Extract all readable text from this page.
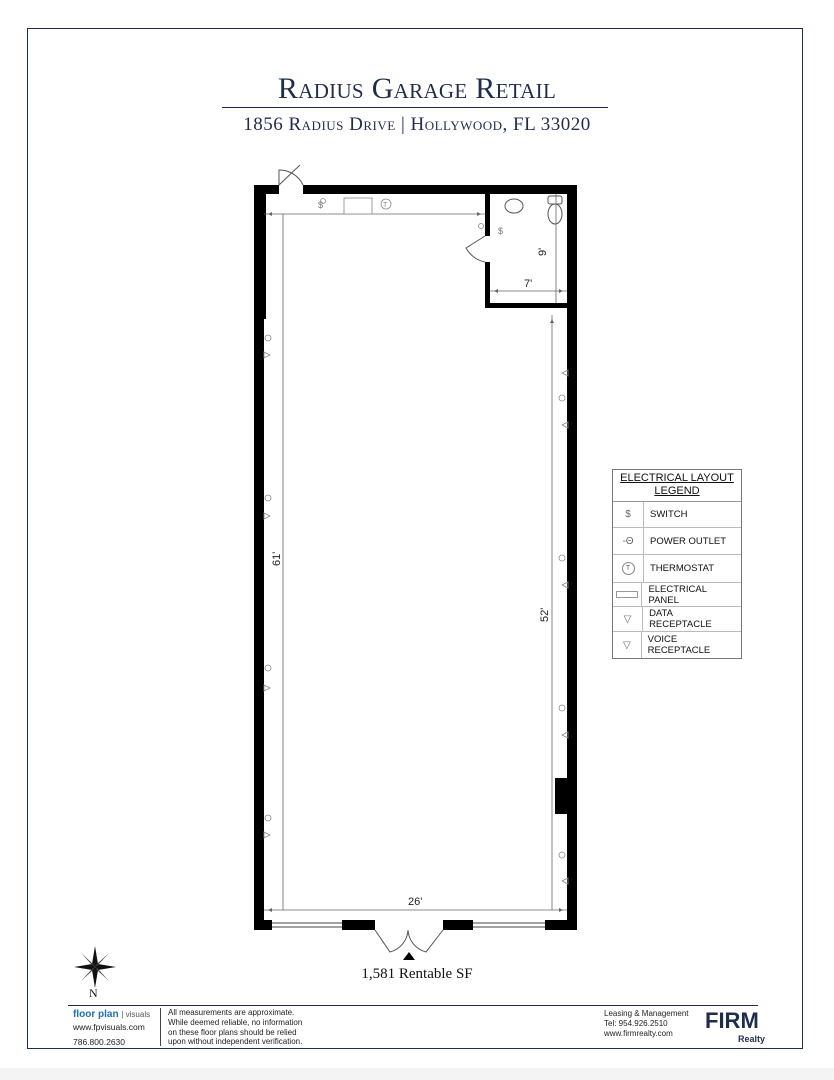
Radius Garage Retail
1856 Radius Drive | Hollywood, FL 33020
26'
7'
9'
61'
52'
$
$
T
1,581 Rentable SF
ELECTRICAL LAYOUT
LEGEND
$	SWITCH
-Θ	POWER OUTLET
T	THERMOSTAT
ELECTRICAL PANEL
▽	DATA RECEPTACLE
▽	VOICE RECEPTACLE
N
floor plan | visuals
www.fpvisuals.com
786.800.2630
All measurements are approximate.
While deemed reliable, no information
on these floor plans should be relied
upon without independent verification.
Leasing & Management
Tel: 954.926.2510
www.firmrealty.com
FIRM
Realty
